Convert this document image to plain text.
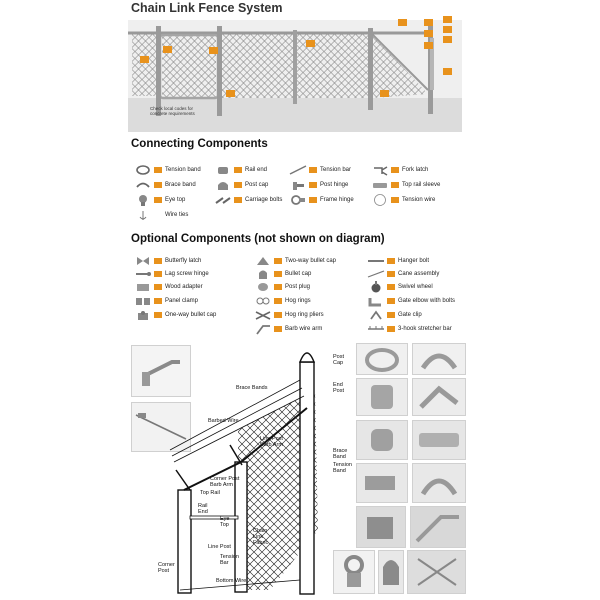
Chain Link Fence System
Check local codes for concrete requirements
Connecting Components
Tension band
Brace band
Eye top
Wire ties
Rail end
Post cap
Carriage bolts
Tension bar
Post hinge
Frame hinge
Fork latch
Top rail sleeve
Tension wire
Optional Components (not shown on diagram)
Butterfly latch
Lag screw hinge
Wood adapter
Panel clamp
One-way bullet cap
Two-way bullet cap
Bullet cap
Post plug
Hog rings
Hog ring pliers
Barb wire arm
Hanger bolt
Cane assembly
Swivel wheel
Gate elbow with bolts
Gate clip
3-hook stretcher bar
Post
Cap
Brace Bands	End
Post
Barbed Wire
Line Post
Barb Arm
Brace
Band
Tension
Band
Corner Post
Barb Arm
Top Rail
Rail
End
Eye
Top
Chain
Link
Fabric
Line Post
Tension
Bar
Corner
Post
Bottom Wire
